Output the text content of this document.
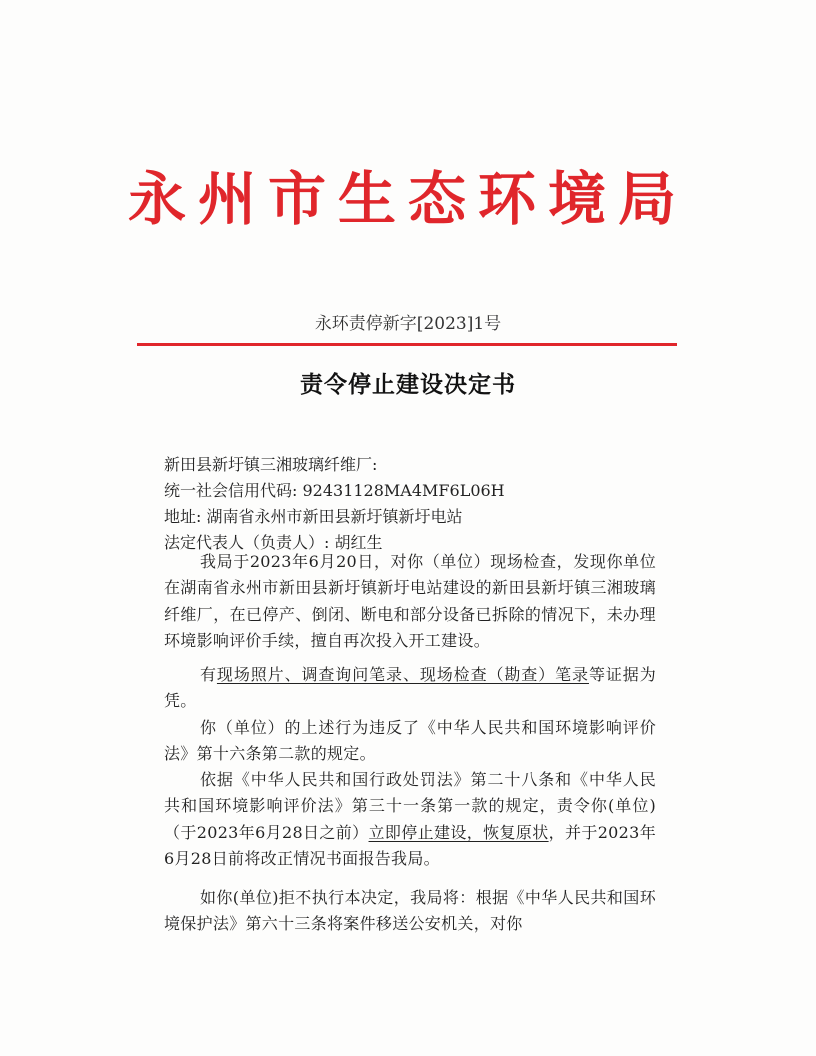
永州市生态环境局
永环责停新字[2023]1号
责令停止建设决定书
新田县新圩镇三湘玻璃纤维厂:
统一社会信用代码: 92431128MA4MF6L06H
地址: 湖南省永州市新田县新圩镇新圩电站
法定代表人（负责人）: 胡红生
我局于2023年6月20日，对你（单位）现场检查，发现你单位在湖南省永州市新田县新圩镇新圩电站建设的新田县新圩镇三湘玻璃纤维厂，在已停产、倒闭、断电和部分设备已拆除的情况下，未办理环境影响评价手续，擅自再次投入开工建设。
有现场照片、调查询问笔录、现场检查（勘查）笔录等证据为凭。
你（单位）的上述行为违反了《中华人民共和国环境影响评价法》第十六条第二款的规定。
依据《中华人民共和国行政处罚法》第二十八条和《中华人民共和国环境影响评价法》第三十一条第一款的规定，责令你(单位)（于2023年6月28日之前）立即停止建设，恢复原状，并于2023年6月28日前将改正情况书面报告我局。
如你(单位)拒不执行本决定，我局将：根据《中华人民共和国环境保护法》第六十三条将案件移送公安机关，对你
